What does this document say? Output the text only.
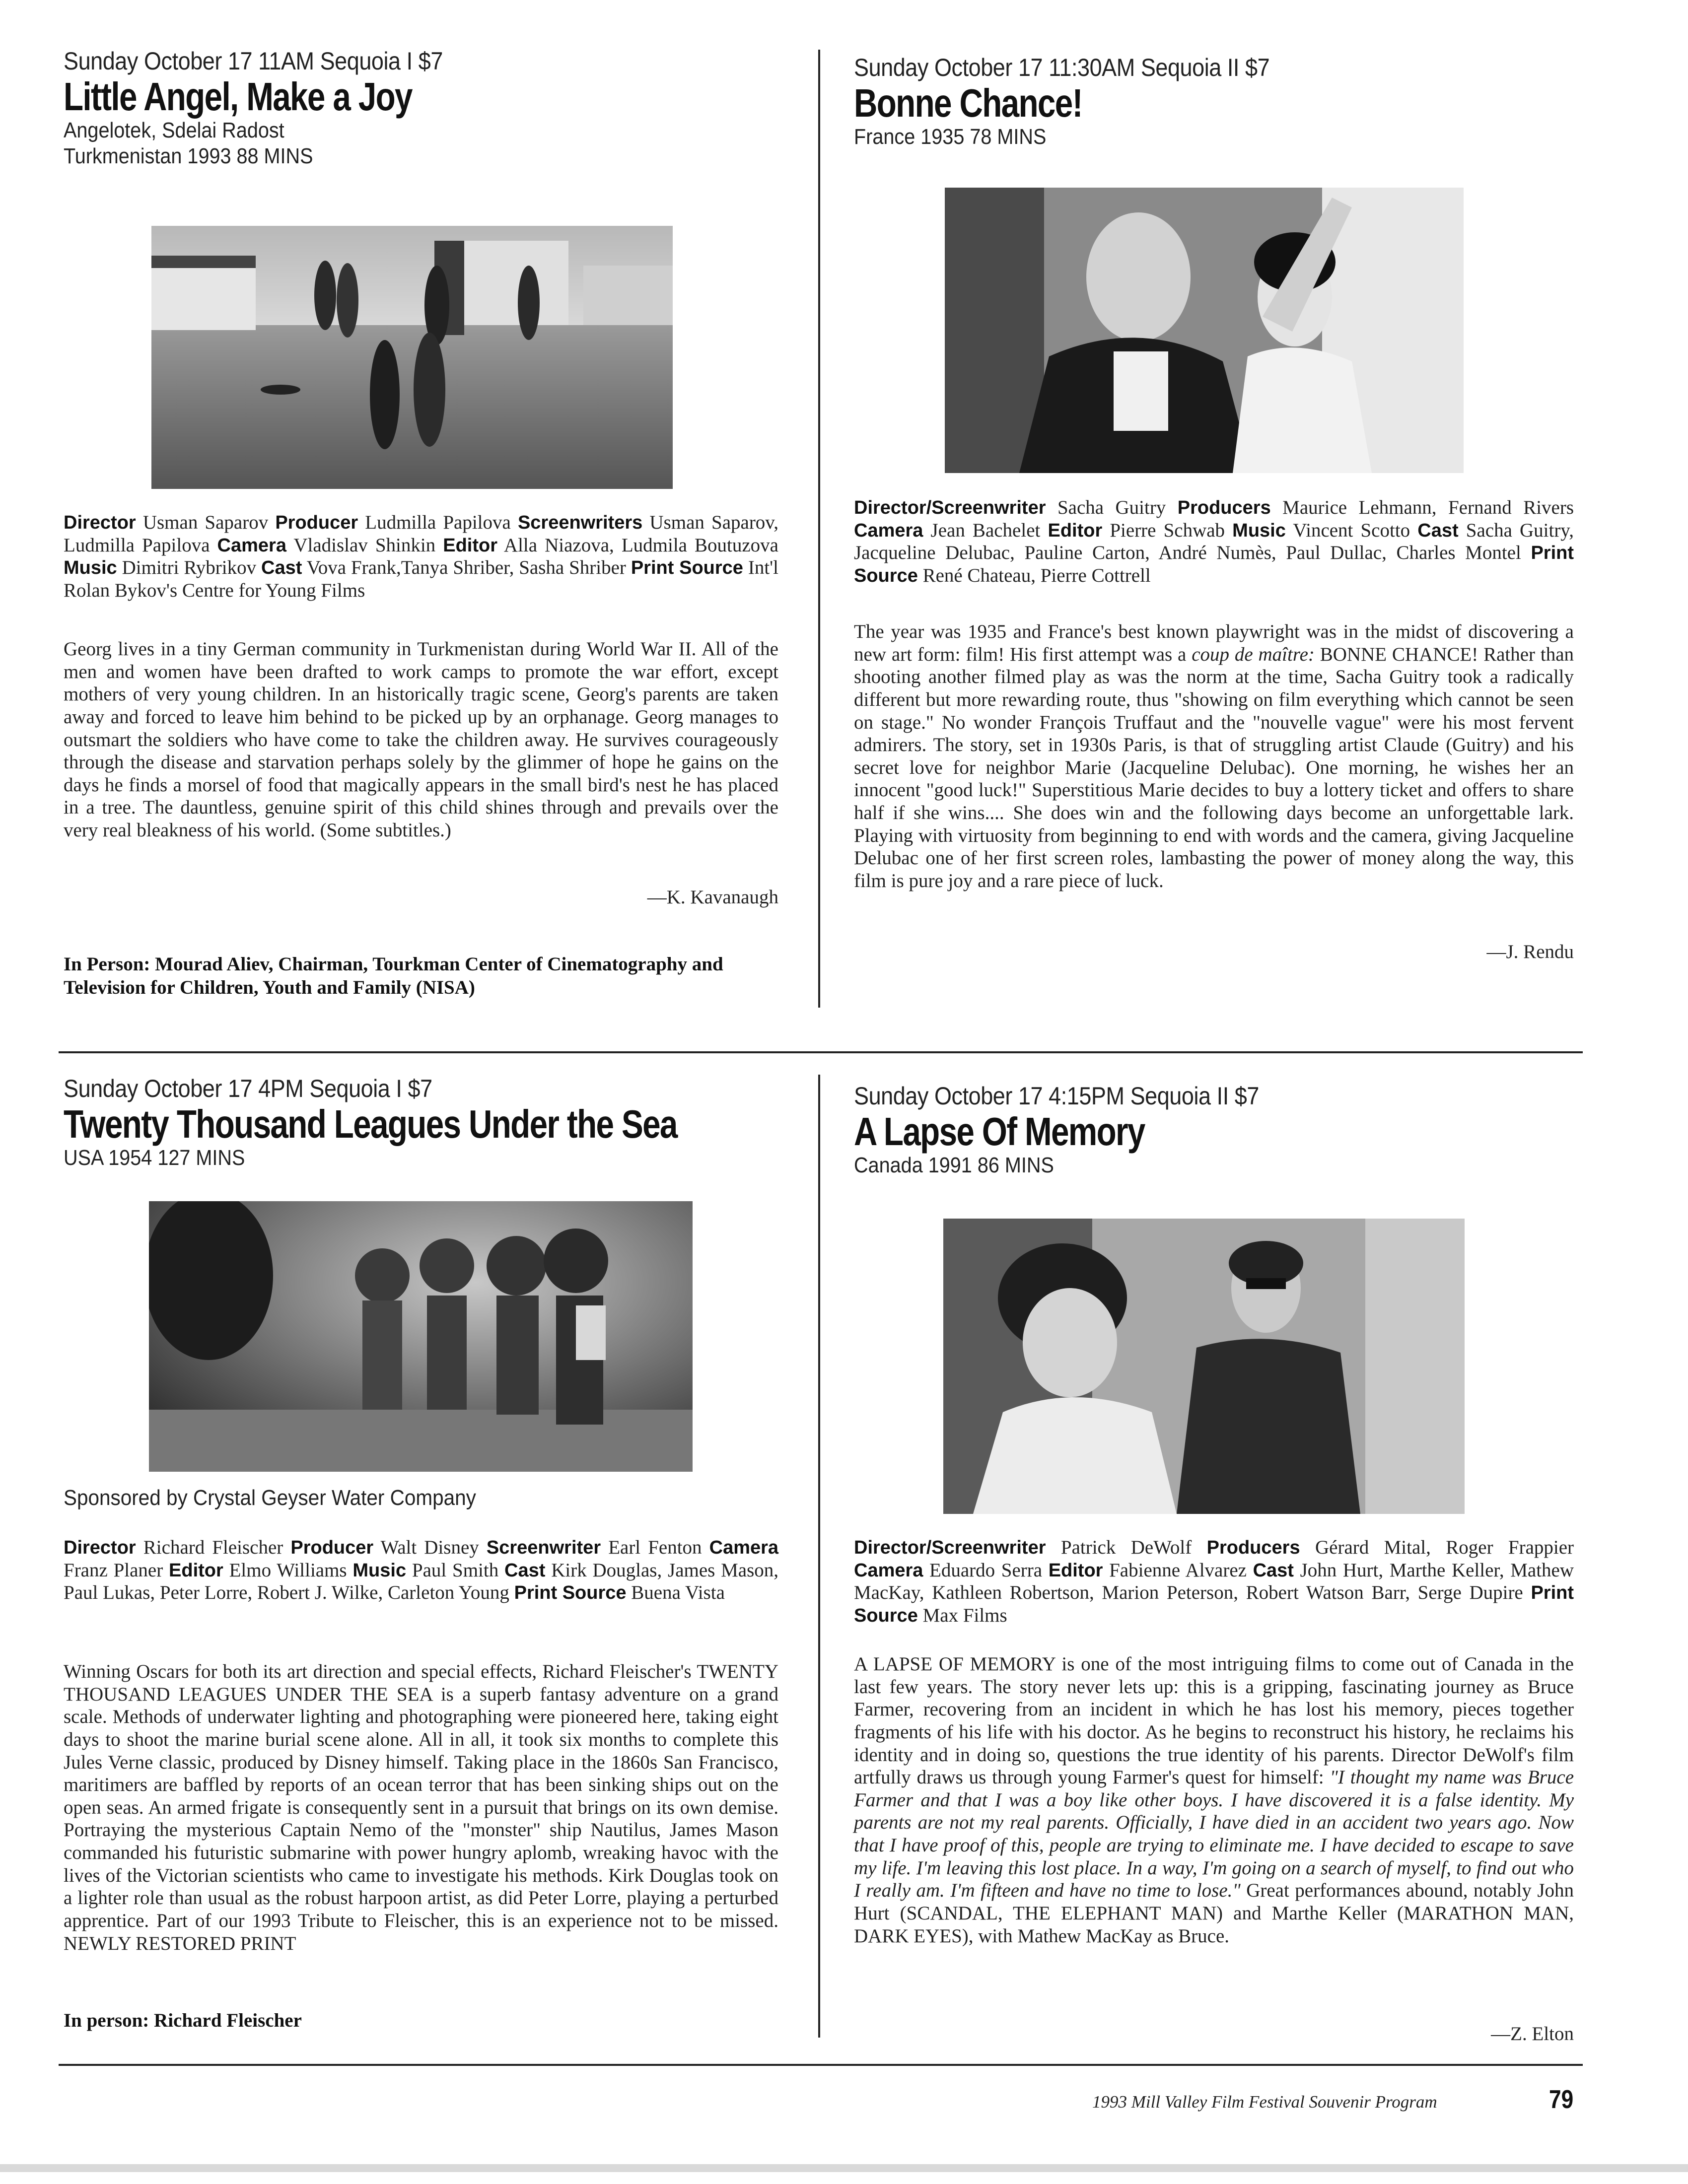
Sunday October 17 11AM Sequoia I $7
Little Angel, Make a Joy
Angelotek, Sdelai Radost
Turkmenistan 1993 88 MINS
Director Usman Saparov Producer Ludmilla Papilova Screenwriters Usman Saparov, Ludmilla Papilova Camera Vladislav Shinkin Editor Alla Niazova, Ludmila Boutuzova Music Dimitri Rybrikov Cast Vova Frank,Tanya Shriber, Sasha Shriber Print Source Int'l Rolan Bykov's Centre for Young Films
Georg lives in a tiny German community in Turkmenistan during World War II. All of the men and women have been drafted to work camps to promote the war effort, except mothers of very young children. In an historically tragic scene, Georg's parents are taken away and forced to leave him behind to be picked up by an orphanage. Georg manages to outsmart the soldiers who have come to take the children away. He survives courageously through the disease and starvation perhaps solely by the glimmer of hope he gains on the days he finds a morsel of food that magically appears in the small bird's nest he has placed in a tree. The dauntless, genuine spirit of this child shines through and prevails over the very real bleakness of his world. (Some subtitles.)
—K. Kavanaugh
In Person: Mourad Aliev, Chairman, Tourkman Center of Cinematography and Television for Children, Youth and Family (NISA)
Sunday October 17 11:30AM Sequoia II $7
Bonne Chance!
France 1935 78 MINS
Director/Screenwriter Sacha Guitry Producers Maurice Lehmann, Fernand Rivers Camera Jean Bachelet Editor Pierre Schwab Music Vincent Scotto Cast Sacha Guitry, Jacqueline Delubac, Pauline Carton, André Numès, Paul Dullac, Charles Montel Print Source René Chateau, Pierre Cottrell
The year was 1935 and France's best known playwright was in the midst of discovering a new art form: film! His first attempt was a coup de maître: BONNE CHANCE! Rather than shooting another filmed play as was the norm at the time, Sacha Guitry took a radically different but more rewarding route, thus "showing on film everything which cannot be seen on stage." No wonder François Truffaut and the "nouvelle vague" were his most fervent admirers. The story, set in 1930s Paris, is that of struggling artist Claude (Guitry) and his secret love for neighbor Marie (Jacqueline Delubac). One morning, he wishes her an innocent "good luck!" Superstitious Marie decides to buy a lottery ticket and offers to share half if she wins.... She does win and the following days become an unforgettable lark. Playing with virtuosity from beginning to end with words and the camera, giving Jacqueline Delubac one of her first screen roles, lambasting the power of money along the way, this film is pure joy and a rare piece of luck.
—J. Rendu
Sunday October 17 4PM Sequoia I $7
Twenty Thousand Leagues Under the Sea
USA 1954 127 MINS
Sponsored by Crystal Geyser Water Company
Director Richard Fleischer Producer Walt Disney Screenwriter Earl Fenton Camera Franz Planer Editor Elmo Williams Music Paul Smith Cast Kirk Douglas, James Mason, Paul Lukas, Peter Lorre, Robert J. Wilke, Carleton Young Print Source Buena Vista
Winning Oscars for both its art direction and special effects, Richard Fleischer's TWENTY THOUSAND LEAGUES UNDER THE SEA is a superb fantasy adventure on a grand scale. Methods of underwater lighting and photographing were pioneered here, taking eight days to shoot the marine burial scene alone. All in all, it took six months to complete this Jules Verne classic, produced by Disney himself. Taking place in the 1860s San Francisco, maritimers are baffled by reports of an ocean terror that has been sinking ships out on the open seas. An armed frigate is consequently sent in a pursuit that brings on its own demise. Portraying the mysterious Captain Nemo of the "monster" ship Nautilus, James Mason commanded his futuristic submarine with power hungry aplomb, wreaking havoc with the lives of the Victorian scientists who came to investigate his methods. Kirk Douglas took on a lighter role than usual as the robust harpoon artist, as did Peter Lorre, playing a perturbed apprentice. Part of our 1993 Tribute to Fleischer, this is an experience not to be missed. NEWLY RESTORED PRINT
In person: Richard Fleischer
Sunday October 17 4:15PM Sequoia II $7
A Lapse Of Memory
Canada 1991 86 MINS
Director/Screenwriter Patrick DeWolf Producers Gérard Mital, Roger Frappier Camera Eduardo Serra Editor Fabienne Alvarez Cast John Hurt, Marthe Keller, Mathew MacKay, Kathleen Robertson, Marion Peterson, Robert Watson Barr, Serge Dupire Print Source Max Films
A LAPSE OF MEMORY is one of the most intriguing films to come out of Canada in the last few years. The story never lets up: this is a gripping, fascinating journey as Bruce Farmer, recovering from an incident in which he has lost his memory, pieces together fragments of his life with his doctor. As he begins to reconstruct his history, he reclaims his identity and in doing so, questions the true identity of his parents. Director DeWolf's film artfully draws us through young Farmer's quest for himself: "I thought my name was Bruce Farmer and that I was a boy like other boys. I have discovered it is a false identity. My parents are not my real parents. Officially, I have died in an accident two years ago. Now that I have proof of this, people are trying to eliminate me. I have decided to escape to save my life. I'm leaving this lost place. In a way, I'm going on a search of myself, to find out who I really am. I'm fifteen and have no time to lose." Great performances abound, notably John Hurt (SCANDAL, THE ELEPHANT MAN) and Marthe Keller (MARATHON MAN, DARK EYES), with Mathew MacKay as Bruce.
—Z. Elton
1993 Mill Valley Film Festival Souvenir Program	79
